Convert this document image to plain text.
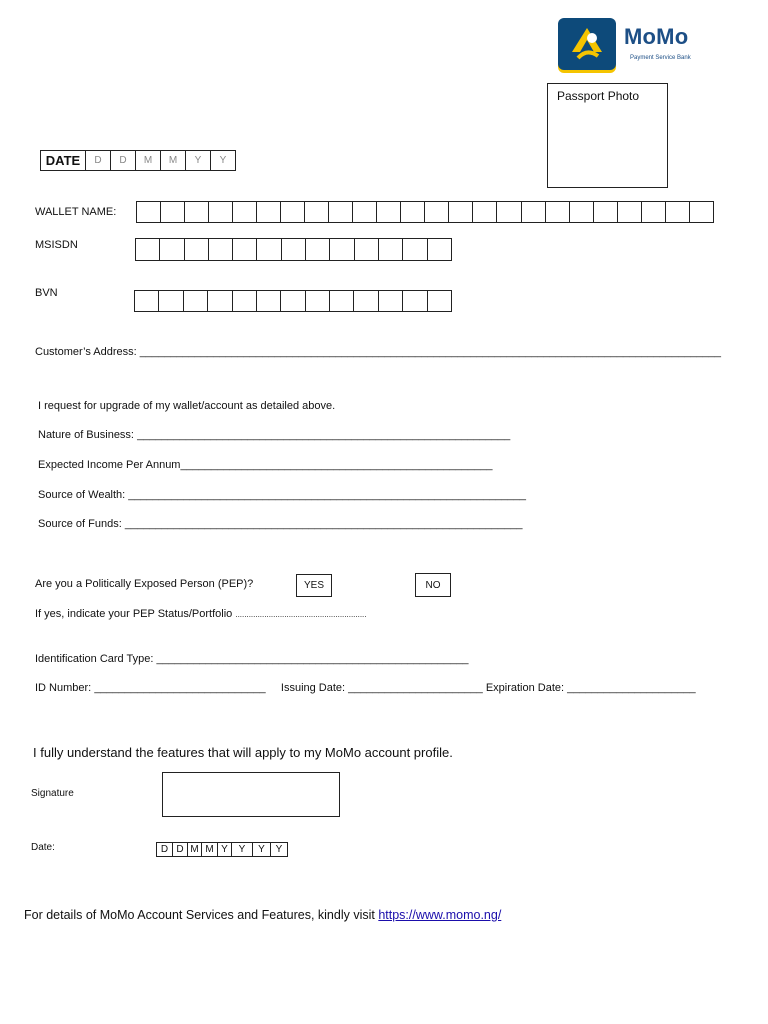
MoMo
Payment Service Bank
Passport Photo
DATE	D	D	M	M	Y	Y
WALLET NAME:
MSISDN
BVN
Customer’s Address: _______________________________________________________________________________________________
I request for upgrade of my wallet/account as detailed above.
Nature of Business: _____________________________________________________________
Expected Income Per Annum___________________________________________________
Source of Wealth: _________________________________________________________________
Source of Funds: _________________________________________________________________
Are you a Politically Exposed Person (PEP)?	YES	NO
If yes, indicate your PEP Status/Portfolio ...........................................................
Identification Card Type: ___________________________________________________
ID Number: ____________________________ Issuing Date: ______________________ Expiration Date: _____________________
I fully understand the features that will apply to my MoMo account profile.
Signature
Date:	D D M M Y	Y	Y	Y
For details of MoMo Account Services and Features, kindly visit https://www.momo.ng/
